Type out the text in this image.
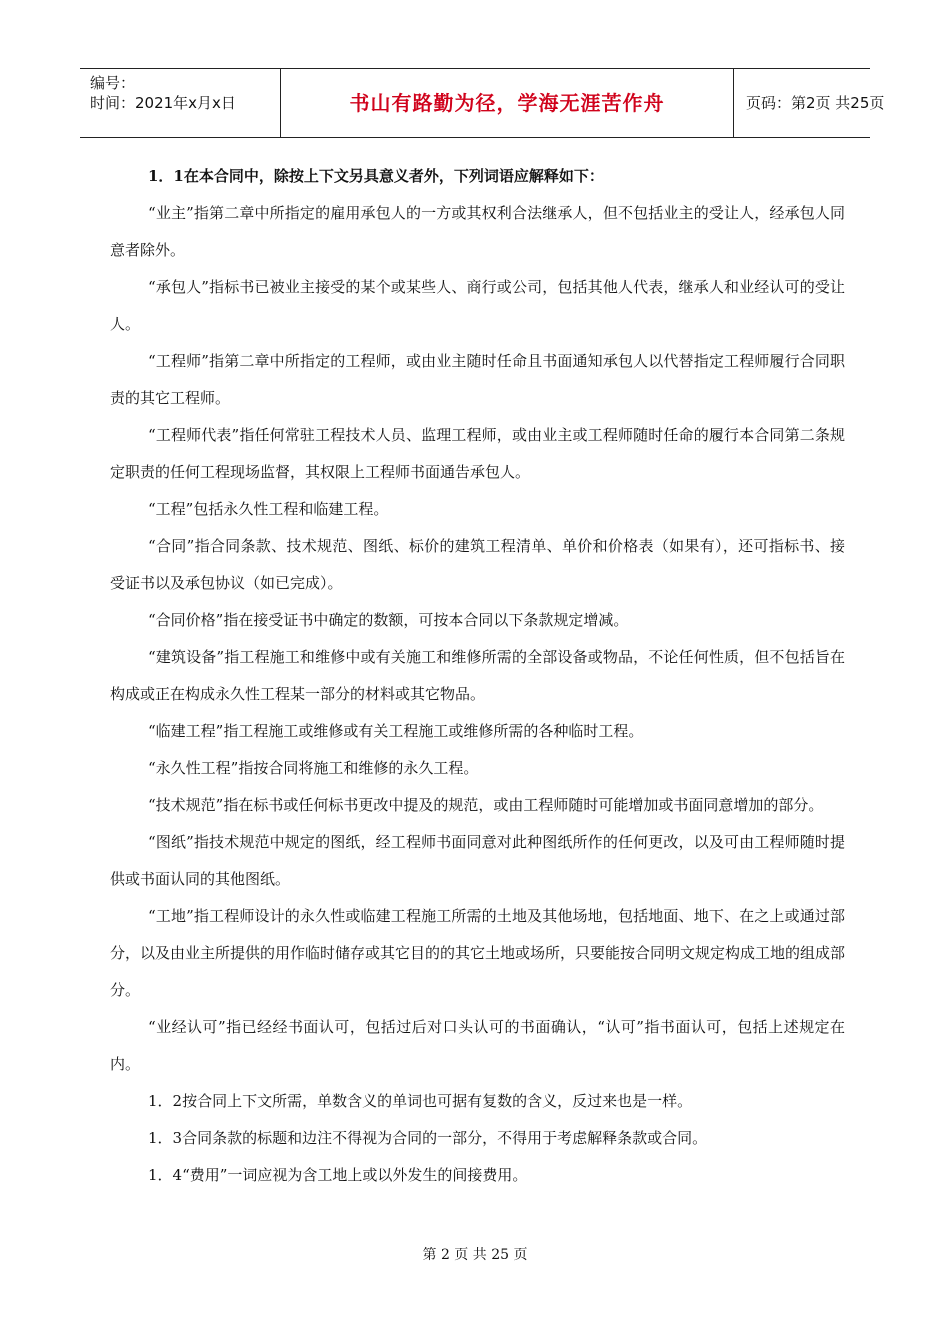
编号：
时间：2021年x月x日	书山有路勤为径，学海无涯苦作舟	页码：第2页 共25页

1．1在本合同中，除按上下文另具意义者外，下列词语应解释如下：

“业主”指第二章中所指定的雇用承包人的一方或其权利合法继承人，但不包括业主的受让人，经承包人同意者除外。

“承包人”指标书已被业主接受的某个或某些人、商行或公司，包括其他人代表，继承人和业经认可的受让人。

“工程师”指第二章中所指定的工程师，或由业主随时任命且书面通知承包人以代替指定工程师履行合同职责的其它工程师。

“工程师代表”指任何常驻工程技术人员、监理工程师，或由业主或工程师随时任命的履行本合同第二条规定职责的任何工程现场监督，其权限上工程师书面通告承包人。

“工程”包括永久性工程和临建工程。

“合同”指合同条款、技术规范、图纸、标价的建筑工程清单、单价和价格表（如果有），还可指标书、接受证书以及承包协议（如已完成）。

“合同价格”指在接受证书中确定的数额，可按本合同以下条款规定增减。

“建筑设备”指工程施工和维修中或有关施工和维修所需的全部设备或物品，不论任何性质，但不包括旨在构成或正在构成永久性工程某一部分的材料或其它物品。

“临建工程”指工程施工或维修或有关工程施工或维修所需的各种临时工程。

“永久性工程”指按合同将施工和维修的永久工程。

“技术规范”指在标书或任何标书更改中提及的规范，或由工程师随时可能增加或书面同意增加的部分。

“图纸”指技术规范中规定的图纸，经工程师书面同意对此种图纸所作的任何更改，以及可由工程师随时提供或书面认同的其他图纸。

“工地”指工程师设计的永久性或临建工程施工所需的土地及其他场地，包括地面、地下、在之上或通过部分，以及由业主所提供的用作临时储存或其它目的的其它土地或场所，只要能按合同明文规定构成工地的组成部分。

“业经认可”指已经经书面认可，包括过后对口头认可的书面确认，“认可”指书面认可，包括上述规定在内。

1．2按合同上下文所需，单数含义的单词也可据有复数的含义，反过来也是一样。

1．3合同条款的标题和边注不得视为合同的一部分，不得用于考虑解释条款或合同。

1．4“费用”一词应视为含工地上或以外发生的间接费用。

第 2 页 共 25 页
